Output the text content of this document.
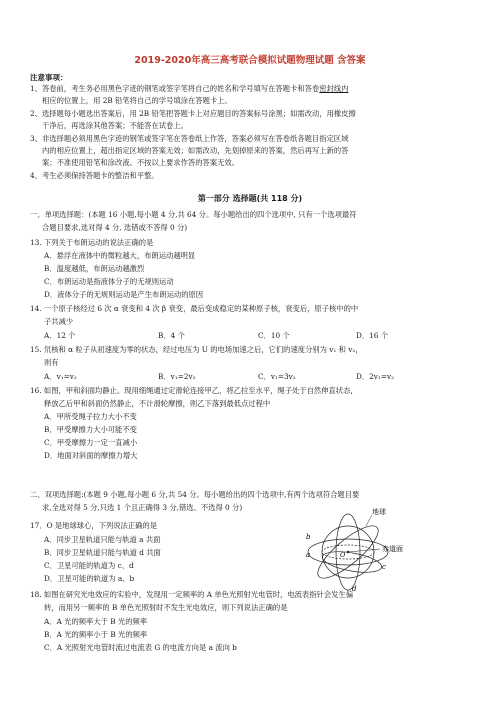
2019-2020年高三高考联合模拟试题物理试题 含答案
注意事项：
1、答卷前，考生务必用黑色字迹的钢笔或签字笔将自己的姓名和学号填写在答题卡和答卷密封线内
相应的位置上，用 2B 铅笔将自己的学号填涂在答题卡上。
2、选择题每小题选出答案后，用 2B 铅笔把答题卡上对应题目的答案标号涂黑；如需改动，用橡皮擦
干净后，再选涂其他答案；不能答在试卷上。
3、非选择题必须用黑色字迹的钢笔或签字笔在答卷纸上作答，答案必须写在答卷纸各题目指定区域
内的相应位置上，超出指定区域的答案无效；如需改动，先划掉原来的答案，然后再写上新的答
案；不准使用铅笔和涂改液。不按以上要求作答的答案无效。
4、考生必须保持答题卡的整洁和平整。
第一部分 选择题(共 118 分)
一、单项选择题：(本题 16 小题,每小题 4 分,共 64 分。每小题给出的四个选项中, 只有一个选项最符
合题目要求,选对得 4 分, 选错或不答得 0 分)
13. 下列关于布朗运动的说法正确的是
A．悬浮在液体中的微粒越大，布朗运动越明显
B．温度越低，布朗运动越激烈
C．布朗运动是指液体分子的无规则运动
D．液体分子的无规则运动是产生布朗运动的原因
14. 一个原子核经过 6 次 α 衰变和 4 次 β 衰变，最后变成稳定的某种原子核，衰变后，原子核中的中
子共减少
A．12 个	B．4 个	C．10 个	D．16 个
15. 氘核和 α 粒子从初速度为零的状态，经过电压为 U 的电场加速之后，它们的速度分别为 v₁ 和 v₂，
则有
A．v₁=v₂	B．v₁=2v₂	C．v₁=3v₂	D．2v₁=v₂
16. 如图，甲和斜面均静止。现用细绳通过定滑轮连接甲乙，将乙拉至水平，绳子处于自然伸直状态，
释放乙后甲和斜面仍然静止，不计滑轮摩擦，则乙下落到最低点过程中
A．甲所受绳子拉力大小不变
B．甲受摩擦力大小可能不变
C．甲受摩擦力一定一直减小
D．地面对斜面的摩擦力增大
二、双项选择题:(本题 9 小题,每小题 6 分,共 54 分。每小题给出的四个选项中,有两个选项符合题目要
求,全选对得 5 分,只选 1 个且正确得 3 分,错选、不选得 0 分)
17．O 是地球球心，下列说法正确的是
A．同步卫星轨道只能与轨道 a 共面
B．同步卫星轨道只能与轨道 d 共面
C．卫星可能的轨道为 c、d
D．卫星可能的轨道为 a、b
地球
赤道面
b
a
c
d
O
18. 如图在研究光电效应的实验中，发现用一定频率的 A 单色光照射光电管时，电流表指针会发生偏
转，而用另一频率的 B 单色光照射时不发生光电效应，则下列说法正确的是
A．A 光的频率大于 B 光的频率
B．A 光的频率小于 B 光的频率
C．A 光照射光电管时流过电流表 G 的电流方向是 a 流向 b
